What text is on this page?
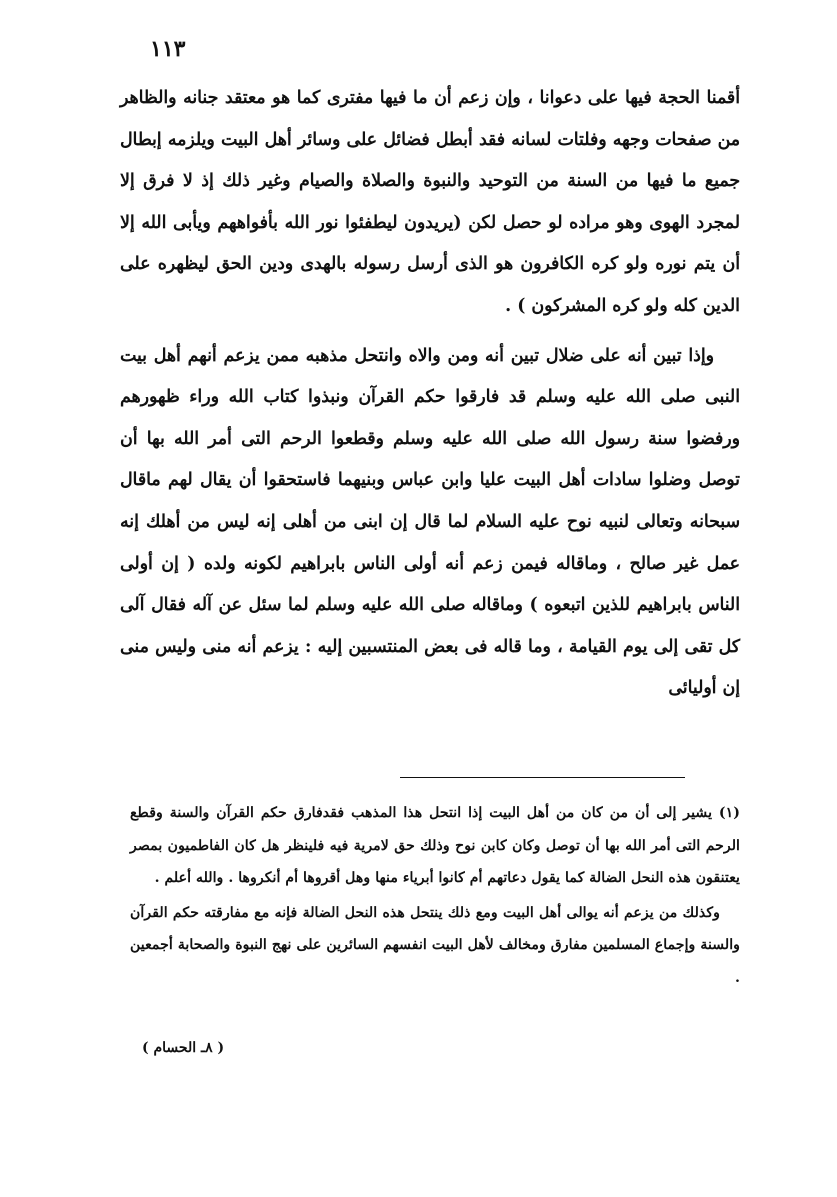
١١٣

أقمنا الحجة فيها على دعوانا ، وإن زعم أن ما فيها مفترى كما هو معتقد جنانه والظاهر من صفحات وجهه وفلتات لسانه فقد أبطل فضائل على وسائر أهل البيت ويلزمه إبطال جميع ما فيها من السنة من التوحيد والنبوة والصلاة والصيام وغير ذلك إذ لا فرق إلا لمجرد الهوى وهو مراده لو حصل لكن (يريدون ليطفئوا نور الله بأفواههم ويأبى الله إلا أن يتم نوره ولو كره الكافرون هو الذى أرسل رسوله بالهدى ودين الحق ليظهره على الدين كله ولو كره المشركون ) .

وإذا تبين أنه على ضلال تبين أنه ومن والاه وانتحل مذهبه ممن يزعم أنهم أهل بيت النبى صلى الله عليه وسلم قد فارقوا حكم القرآن ونبذوا كتاب الله وراء ظهورهم ورفضوا سنة رسول الله صلى الله عليه وسلم وقطعوا الرحم التى أمر الله بها أن توصل وضلوا سادات أهل البيت عليا وابن عباس وبنيهما فاستحقوا أن يقال لهم ماقال سبحانه وتعالى لنبيه نوح عليه السلام لما قال إن ابنى من أهلى إنه ليس من أهلك إنه عمل غير صالح ، وماقاله فيمن زعم أنه أولى الناس بابراهيم لكونه ولده ( إن أولى الناس بابراهيم للذين اتبعوه ) وماقاله صلى الله عليه وسلم لما سئل عن آله فقال آلى كل تقى إلى يوم القيامة ، وما قاله فى بعض المنتسبين إليه : يزعم أنه منى وليس منى إن أوليائى

(١) يشير إلى أن من كان من أهل البيت إذا انتحل هذا المذهب فقدفارق حكم القرآن والسنة وقطع الرحم التى أمر الله بها أن توصل وكان كابن نوح وذلك حق لامرية فيه فلينظر هل كان الفاطميون بمصر يعتنقون هذه النحل الضالة كما يقول دعاتهم أم كانوا أبرياء منها وهل أقروها أم أنكروها . والله أعلم .

وكذلك من يزعم أنه يوالى أهل البيت ومع ذلك ينتحل هذه النحل الضالة فإنه مع مفارقته حكم القرآن والسنة وإجماع المسلمين مفارق ومخالف لأهل البيت انفسهم السائرين على نهج النبوة والصحابة أجمعين .

( ٨ـ الحسام )
